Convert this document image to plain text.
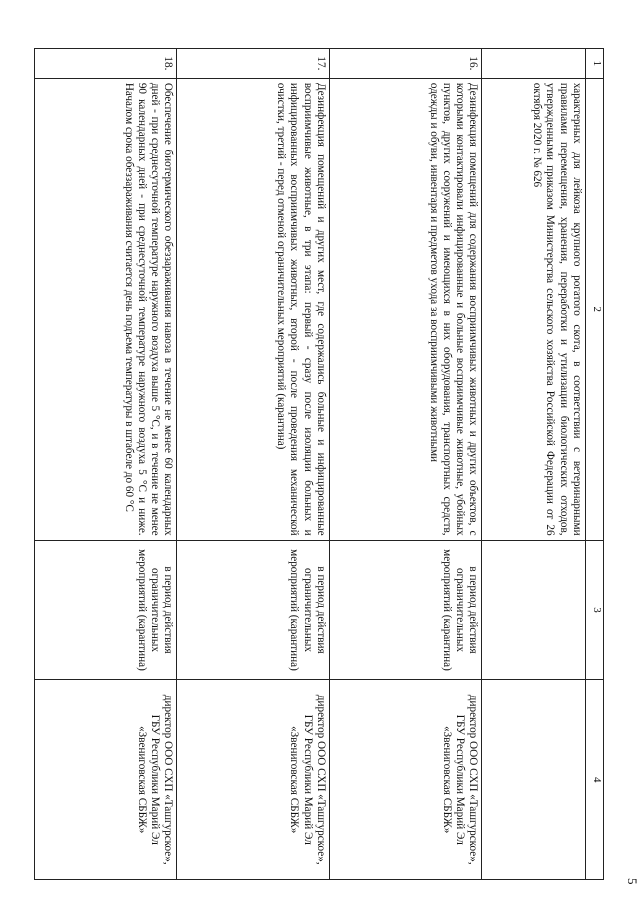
5
1	2	3	4
	характерных для лейкоза крупного рогатого скота, в соответствии с ветеринарными правилами перемещения, хранения, переработки и утилизации биологических отходов, утвержденными приказом Министерства сельского хозяйства Российской Федерации от 26 октября 2020 г. № 626		
16.	Дезинфекция помещений для содержания восприимчивых животных и других объектов, с которыми контактировали инфицированные и больные восприимчивые животные, убойных пунктов, других сооружений и имеющихся в них оборудования, транспортных средств, одежды и обуви, инвентаря и предметов ухода за восприимчивыми животными	в период действия ограничительных мероприятий (карантина)	директор ООО СХП «Ташгурское», ГБУ Республики Марий Эл «Звениговская СББЖ»
17.	Дезинфекция помещений и других мест, где содержались больные и инфицированные восприимчивые животные, в три этапа: первый - сразу после изоляции больных и инфицированных восприимчивых животных, второй - после проведения механической очистки, третий - перед отменой ограничительных мероприятий (карантина)	в период действия ограничительных мероприятий (карантина)	директор ООО СХП «Ташгурское», ГБУ Республики Марий Эл «Звениговская СББЖ»
18.	Обеспечение биотермического обеззараживания навоза в течение не менее 60 календарных дней - при среднесуточной температуре наружного воздуха выше 5 °С, и в течение не менее 90 календарных дней - при среднесуточной температуре наружного воздуха 5 °С и ниже. Началом срока обеззараживания считается день подъема температуры в штабеле до 60 °С	в период действия ограничительных мероприятий (карантина)	директор ООО СХП «Ташгурское», ГБУ Республики Марий Эл «Звениговская СББЖ»
